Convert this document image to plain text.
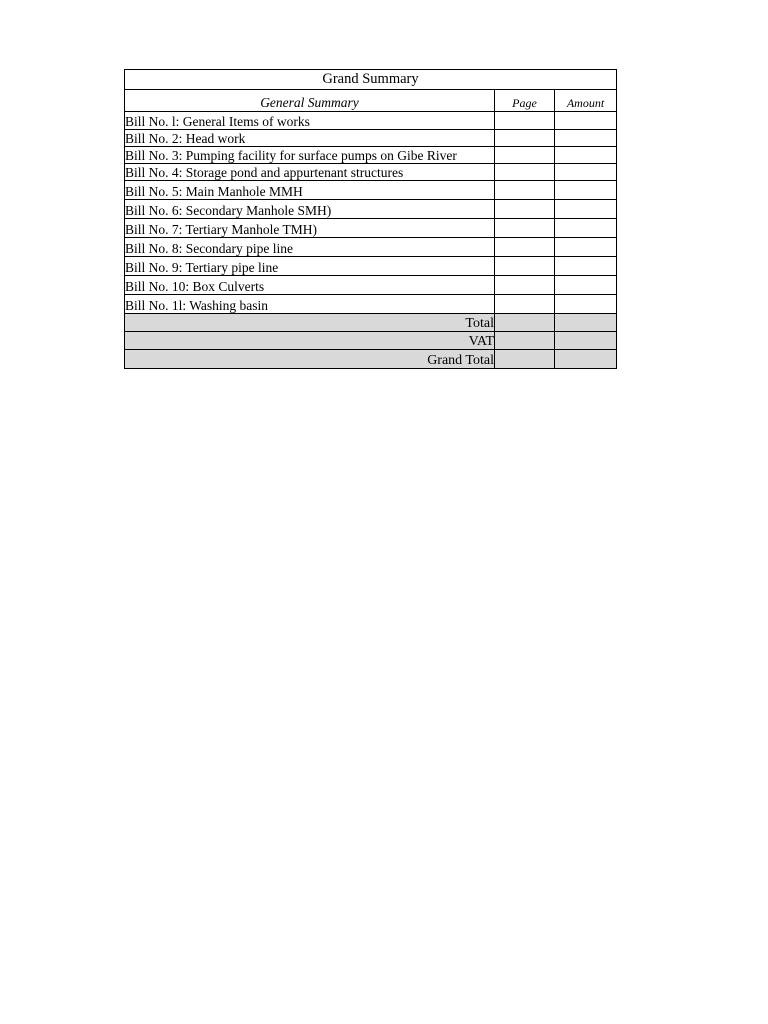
Grand Summary		
General Summary	Page	Amount
Bill No. l: General Items of works		
Bill No. 2: Head work		
Bill No. 3: Pumping facility for surface pumps on Gibe River		
Bill No. 4: Storage pond and appurtenant structures		
Bill No. 5: Main Manhole MMH		
Bill No. 6: Secondary Manhole SMH)		
Bill No. 7: Tertiary Manhole TMH)		
Bill No. 8: Secondary pipe line		
Bill No. 9: Tertiary pipe line		
Bill No. 10: Box Culverts		
Bill No. 1l: Washing basin		
Total		
VAT		
Grand Total		
